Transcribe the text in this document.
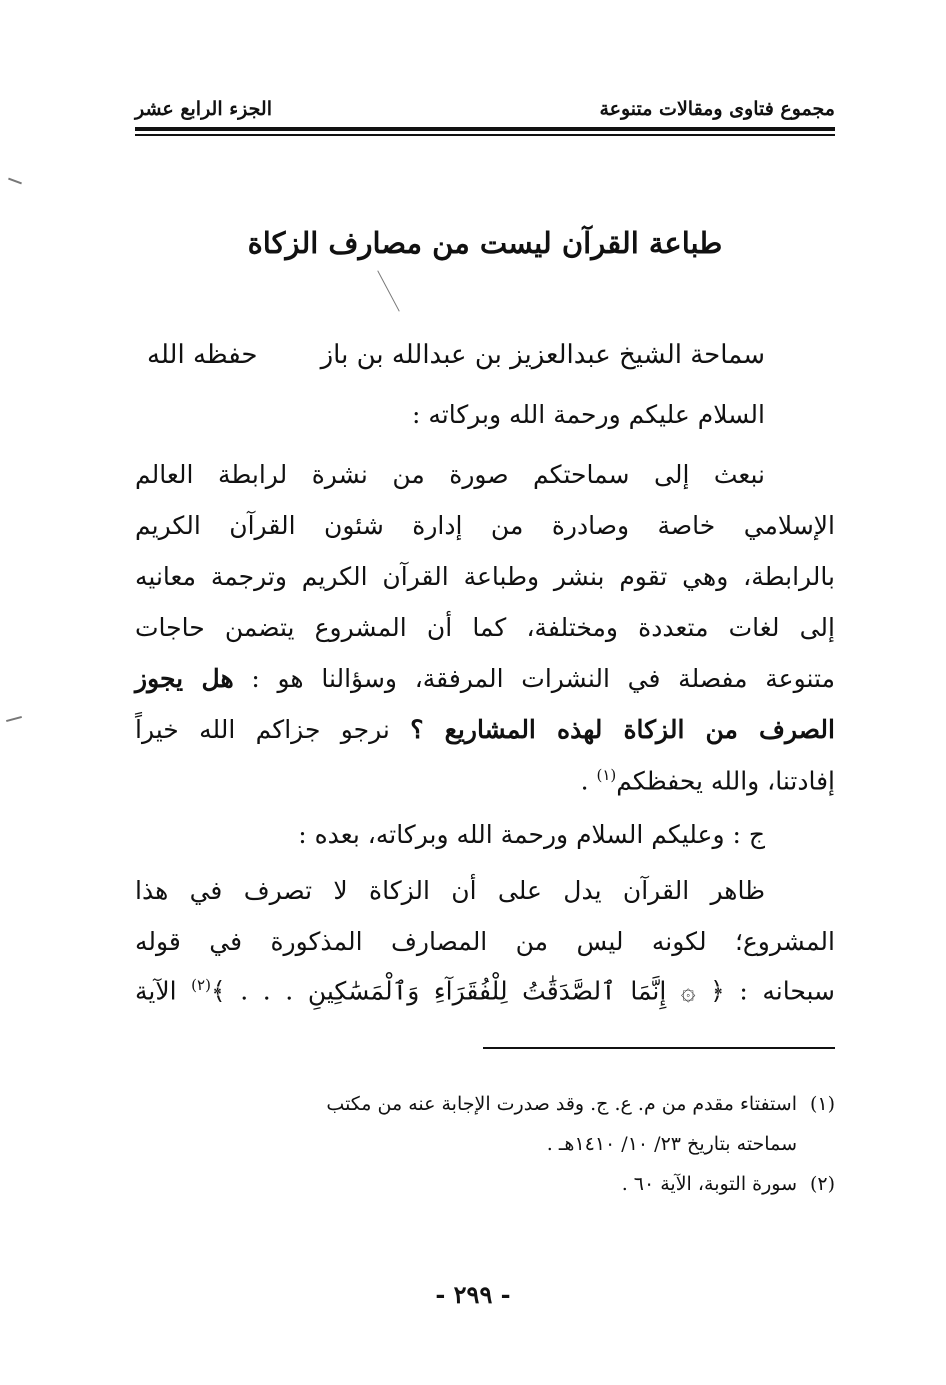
مجموع فتاوى ومقالات متنوعة
الجزء الرابع عشر
طباعة القرآن ليست من مصارف الزكاة
سماحة الشيخ عبدالعزيز بن عبدالله بن باز
حفظه الله
السلام عليكم ورحمة الله وبركاته :
نبعث إلى سماحتكم صورة من نشرة لرابطة العالم
الإسلامي خاصة وصادرة من إدارة شئون القرآن الكريم
بالرابطة، وهي تقوم بنشر وطباعة القرآن الكريم وترجمة معانيه
إلى لغات متعددة ومختلفة، كما أن المشروع يتضمن حاجات
متنوعة مفصلة في النشرات المرفقة، وسؤالنا هو : هل يجوز
الصرف من الزكاة لهذه المشاريع ؟ نرجو جزاكم الله خيراً
إفادتنا، والله يحفظكم$^{(١)}$ .
ج : وعليكم السلام ورحمة الله وبركاته، بعده :
ظاهر القرآن يدل على أن الزكاة لا تصرف في هذا
المشروع؛ لكونه ليس من المصارف المذكورة في قوله
سبحانه : ﴿ ۞ إِنَّمَا ٱلصَّدَقَٰتُ لِلْفُقَرَآءِ وَٱلْمَسَٰكِينِ . . . ﴾$^{(٢)}$ الآية
(١)استفتاء مقدم من م. ع. ج. وقد صدرت الإجابة عنه من مكتب
سماحته بتاريخ ٢٣/ ١٠/ ١٤١٠هـ .
(٢)سورة التوبة، الآية ٦٠ .
- ٢٩٩ -
